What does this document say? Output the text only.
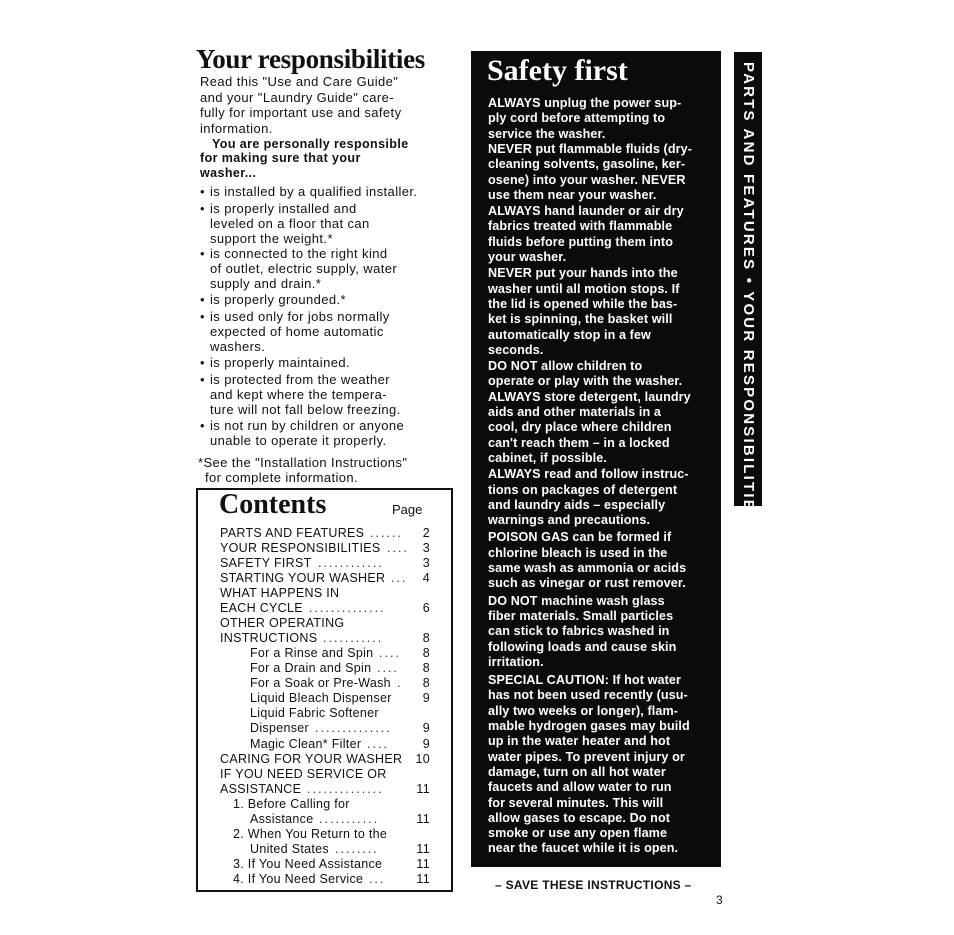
Your responsibilities
Read this "Use and Care Guide"
and your "Laundry Guide" care-
fully for important use and safety
information.
You are personally responsible
for making sure that your
washer...
• is installed by a qualified installer.
• is properly installed and
leveled on a floor that can
support the weight.*
• is connected to the right kind
of outlet, electric supply, water
supply and drain.*
• is properly grounded.*
• is used only for jobs normally
expected of home automatic
washers.
• is properly maintained.
• is protected from the weather
and kept where the tempera-
ture will not fall below freezing.
• is not run by children or anyone
unable to operate it properly.
*See the "Installation Instructions"
for complete information.
Contents	Page
PARTS AND FEATURES ...... 2
YOUR RESPONSIBILITIES .... 3
SAFETY FIRST ............	3
STARTING YOUR WASHER ... 4
WHAT HAPPENS IN
EACH CYCLE ..............	6
OTHER OPERATING
INSTRUCTIONS ...........	8
For a Rinse and Spin .... 8
For a Drain and Spin .... 8
For a Soak or Pre-Wash . 8
Liquid Bleach Dispenser 9
Liquid Fabric Softener
Dispenser .............. 9
Magic Clean* Filter ....	9
CARING FOR YOUR WASHER 10
IF YOU NEED SERVICE OR
ASSISTANCE ..............	11
1. Before Calling for
Assistance ...........	11
2. When You Return to the
United States ........	11
3. If You Need Assistance	11
4. If You Need Service ... 11
Safety first
ALWAYS unplug the power sup-
ply cord before attempting to
service the washer.
NEVER put flammable fluids (dry-
cleaning solvents, gasoline, ker-
osene) into your washer. NEVER
use them near your washer.
ALWAYS hand launder or air dry
fabrics treated with flammable
fluids before putting them into
your washer.
NEVER put your hands into the
washer until all motion stops. If
the lid is opened while the bas-
ket is spinning, the basket will
automatically stop in a few
seconds.
DO NOT allow children to
operate or play with the washer.
ALWAYS store detergent, laundry
aids and other materials in a
cool, dry place where children
can't reach them – in a locked
cabinet, if possible.
ALWAYS read and follow instruc-
tions on packages of detergent
and laundry aids – especially
warnings and precautions.
POISON GAS can be formed if
chlorine bleach is used in the
same wash as ammonia or acids
such as vinegar or rust remover.
DO NOT machine wash glass
fiber materials. Small particles
can stick to fabrics washed in
following loads and cause skin
irritation.
SPECIAL CAUTION: If hot water
has not been used recently (usu-
ally two weeks or longer), flam-
mable hydrogen gases may build
up in the water heater and hot
water pipes. To prevent injury or
damage, turn on all hot water
faucets and allow water to run
for several minutes. This will
allow gases to escape. Do not
smoke or use any open flame
near the faucet while it is open.
– SAVE THESE INSTRUCTIONS –
PARTS AND FEATURES • YOUR RESPONSIBILITIES • SAFETY
3
